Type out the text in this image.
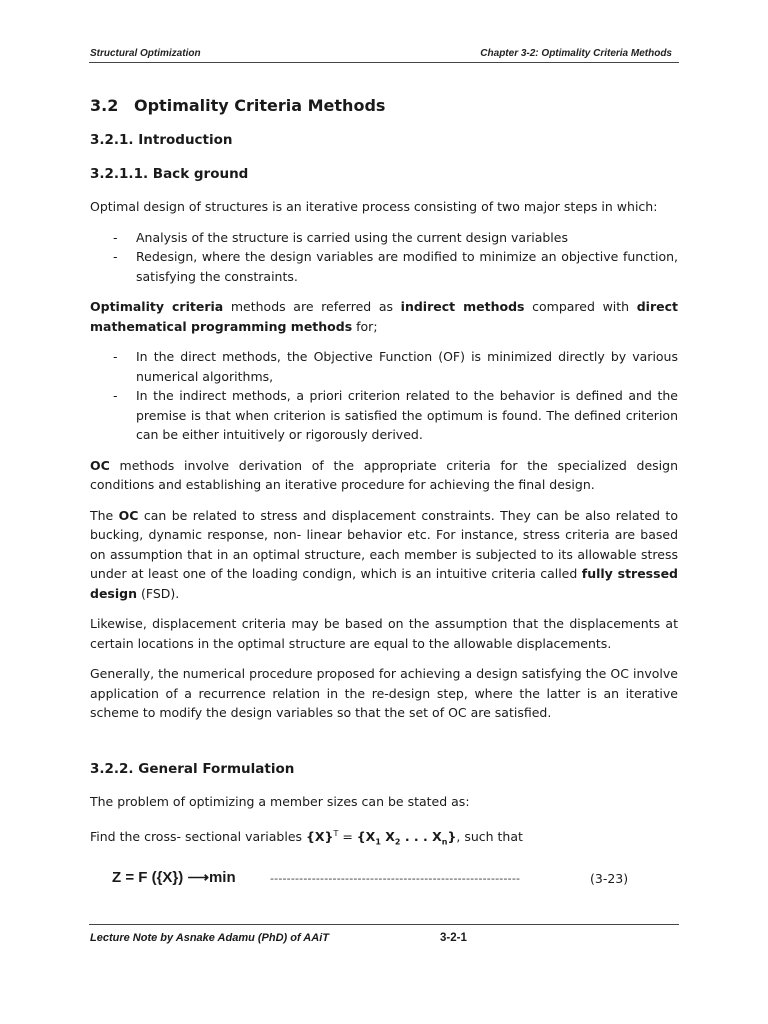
Structural Optimization	Chapter 3-2: Optimality Criteria Methods
3.2 Optimality Criteria Methods
3.2.1. Introduction
3.2.1.1. Back ground

Optimal design of structures is an iterative process consisting of two major steps in which:

- Analysis of the structure is carried using the current design variables
- Redesign, where the design variables are modified to minimize an objective function, satisfying the constraints.

Optimality criteria methods are referred as indirect methods compared with direct mathematical programming methods for;

- In the direct methods, the Objective Function (OF) is minimized directly by various numerical algorithms,
- In the indirect methods, a priori criterion related to the behavior is defined and the premise is that when criterion is satisfied the optimum is found. The defined criterion can be either intuitively or rigorously derived.

OC methods involve derivation of the appropriate criteria for the specialized design conditions and establishing an iterative procedure for achieving the final design.

The OC can be related to stress and displacement constraints. They can be also related to bucking, dynamic response, non- linear behavior etc. For instance, stress criteria are based on assumption that in an optimal structure, each member is subjected to its allowable stress under at least one of the loading condign, which is an intuitive criteria called fully stressed design (FSD).

Likewise, displacement criteria may be based on the assumption that the displacements at certain locations in the optimal structure are equal to the allowable displacements.

Generally, the numerical procedure proposed for achieving a design satisfying the OC involve application of a recurrence relation in the re-design step, where the latter is an iterative scheme to modify the design variables so that the set of OC are satisfied.

3.2.2. General Formulation

The problem of optimizing a member sizes can be stated as:

Find the cross- sectional variables $\{X\}^T = \{X_1$ $X_2$ . . . $X_n$}, such that

Z = F ({X}) ⟶min	------------------------------------------------------------	(3-23)
Lecture Note by Asnake Adamu (PhD) of AAiT	3-2-1
